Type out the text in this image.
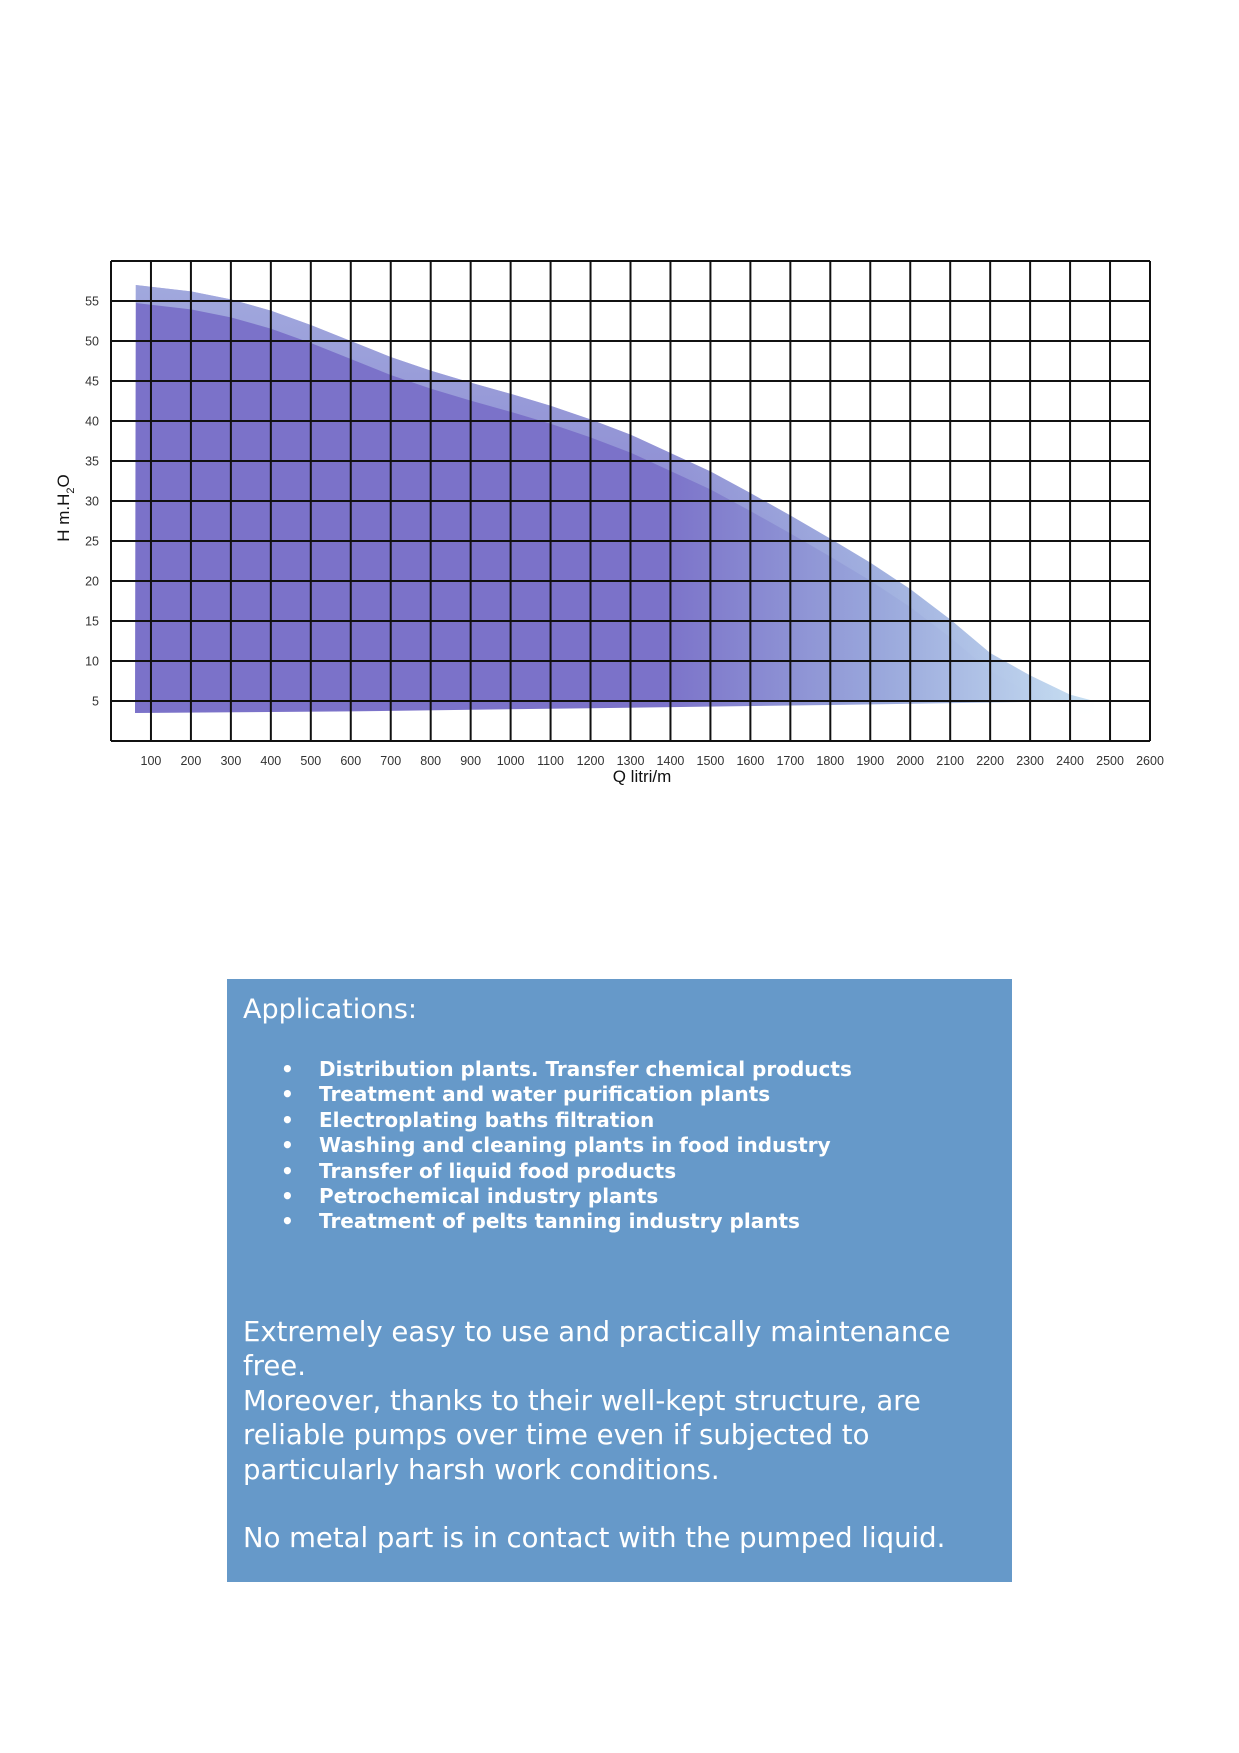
100 200 300 400 500 600 700 800 900 1000 1100 1200 1300 1400 1500 1600 1700 1800 1900 2000 2100 2200 2300 2400 2500 2600
5
10
15
20
25
30
35
40
45
50
55
Q litri/m
H $m.H_2O$
Applications:
• Distribution plants. Transfer chemical products
• Treatment and water purification plants
• Electroplating baths filtration
• Washing and cleaning plants in food industry
• Transfer of liquid food products
• Petrochemical industry plants
• Treatment of pelts tanning industry plants

Extremely easy to use and practically maintenance
free.

Moreover, thanks to their well-kept structure, are
reliable pumps over time even if subjected to
particularly harsh work conditions.

No metal part is in contact with the pumped liquid.
